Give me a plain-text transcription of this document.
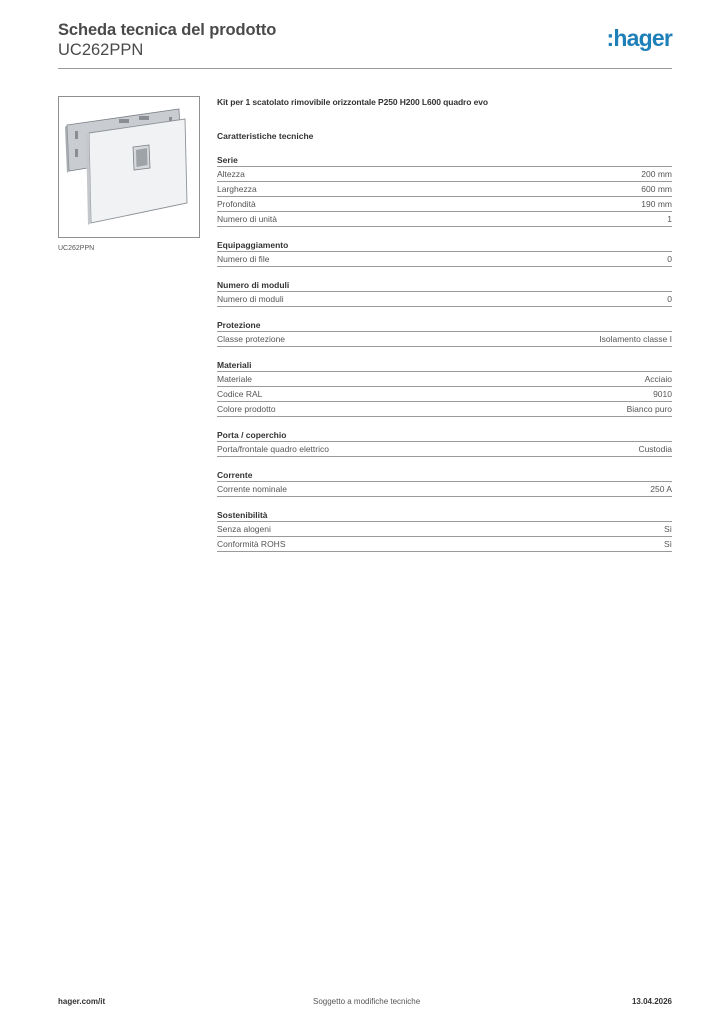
Scheda tecnica del prodotto
UC262PPN	:hager
UC262PPN
Kit per 1 scatolato rimovibile orizzontale P250 H200 L600 quadro evo
Caratteristiche tecniche
Serie
Altezza	200 mm
Larghezza	600 mm
Profondità	190 mm
Numero di unità	1
Equipaggiamento
Numero di file	0
Numero di moduli
Numero di moduli	0
Protezione
Classe protezione	Isolamento classe I
Materiali
Materiale	Acciaio
Codice RAL	9010
Colore prodotto	Bianco puro
Porta / coperchio
Porta/frontale quadro elettrico	Custodia
Corrente
Corrente nominale	250 A
Sostenibilità
Senza alogeni	Sì
Conformità ROHS	Sì
hager.com/it	Soggetto a modifiche tecniche	13.04.2026
